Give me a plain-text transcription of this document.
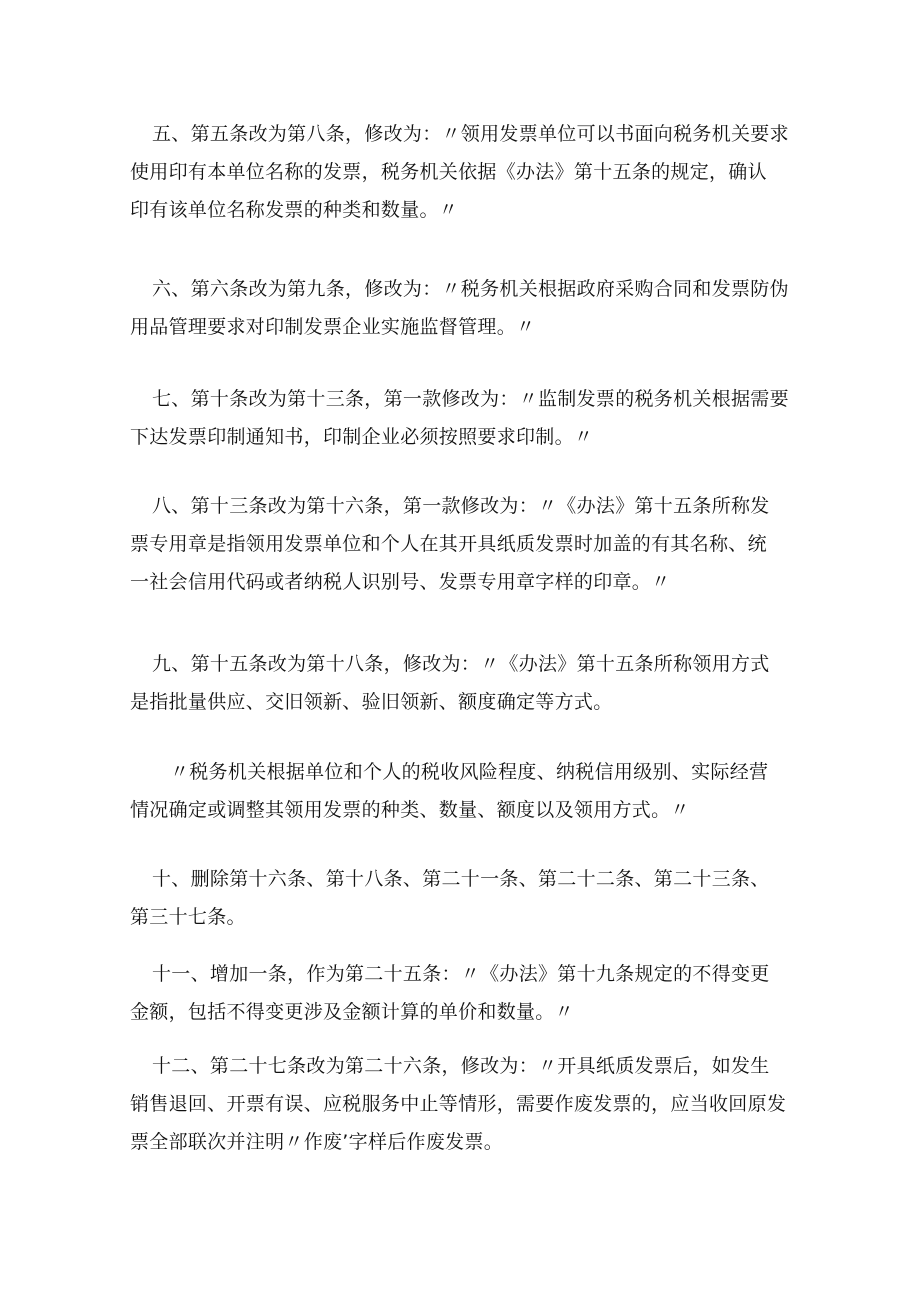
五、第五条改为第八条，修改为：〃领用发票单位可以书面向税务机关要求
使用印有本单位名称的发票，税务机关依据《办法》第十五条的规定，确认
印有该单位名称发票的种类和数量。〃
六、第六条改为第九条，修改为：〃税务机关根据政府采购合同和发票防伪
用品管理要求对印制发票企业实施监督管理。〃
七、第十条改为第十三条，第一款修改为：〃监制发票的税务机关根据需要
下达发票印制通知书，印制企业必须按照要求印制。〃
八、第十三条改为第十六条，第一款修改为：〃《办法》第十五条所称发
票专用章是指领用发票单位和个人在其开具纸质发票时加盖的有其名称、统
一社会信用代码或者纳税人识别号、发票专用章字样的印章。〃
九、第十五条改为第十八条，修改为：〃《办法》第十五条所称领用方式
是指批量供应、交旧领新、验旧领新、额度确定等方式。
〃税务机关根据单位和个人的税收风险程度、纳税信用级别、实际经营
情况确定或调整其领用发票的种类、数量、额度以及领用方式。〃
十、删除第十六条、第十八条、第二十一条、第二十二条、第二十三条、
第三十七条。
十一、增加一条，作为第二十五条：〃《办法》第十九条规定的不得变更
金额，包括不得变更涉及金额计算的单价和数量。〃
十二、第二十七条改为第二十六条，修改为：〃开具纸质发票后，如发生
销售退回、开票有误、应税服务中止等情形，需要作废发票的，应当收回原发
票全部联次并注明〃作废’字样后作废发票。
